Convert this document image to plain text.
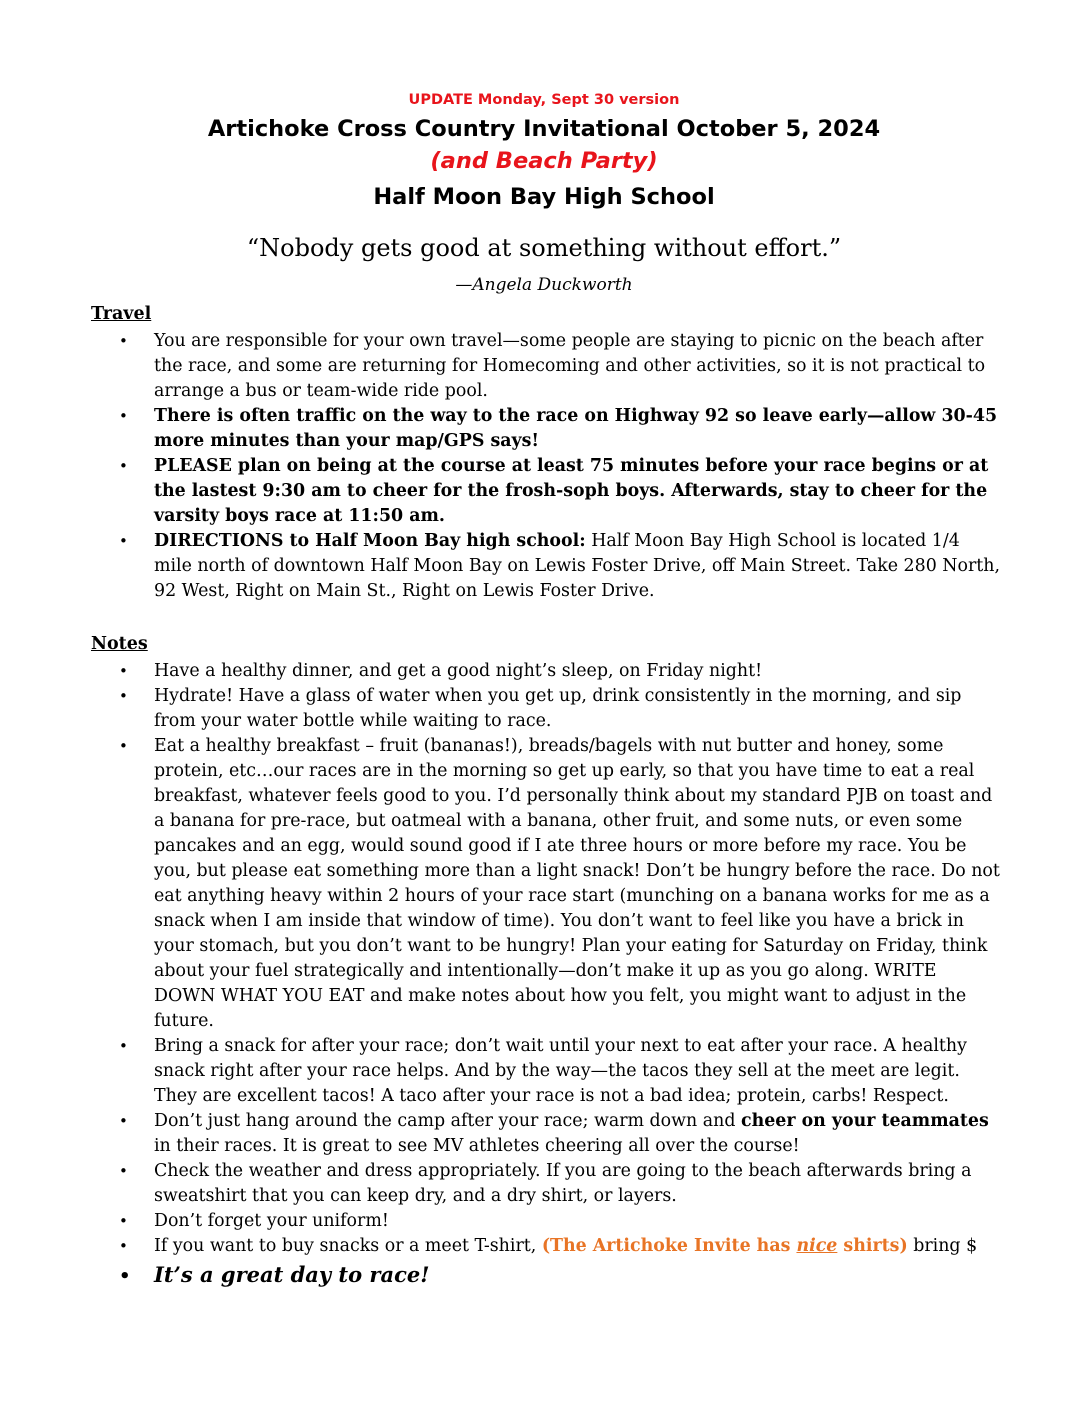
UPDATE Monday, Sept 30 version
Artichoke Cross Country Invitational October 5, 2024
(and Beach Party)
Half Moon Bay High School
“Nobody gets good at something without effort.”
—Angela Duckworth
Travel
• You are responsible for your own travel—some people are staying to picnic on the beach after the race, and some are returning for Homecoming and other activities, so it is not practical to arrange a bus or team-wide ride pool.
• There is often traffic on the way to the race on Highway 92 so leave early—allow 30-45 more minutes than your map/GPS says!
• PLEASE plan on being at the course at least 75 minutes before your race begins or at the lastest 9:30 am to cheer for the frosh-soph boys. Afterwards, stay to cheer for the varsity boys race at 11:50 am.
• DIRECTIONS to Half Moon Bay high school: Half Moon Bay High School is located 1/4 mile north of downtown Half Moon Bay on Lewis Foster Drive, off Main Street. Take 280 North, 92 West, Right on Main St., Right on Lewis Foster Drive.
Notes
• Have a healthy dinner, and get a good night’s sleep, on Friday night!
• Hydrate! Have a glass of water when you get up, drink consistently in the morning, and sip from your water bottle while waiting to race.
• Eat a healthy breakfast – fruit (bananas!), breads/bagels with nut butter and honey, some protein, etc…our races are in the morning so get up early, so that you have time to eat a real breakfast, whatever feels good to you. I’d personally think about my standard PJB on toast and a banana for pre-race, but oatmeal with a banana, other fruit, and some nuts, or even some pancakes and an egg, would sound good if I ate three hours or more before my race. You be you, but please eat something more than a light snack! Don’t be hungry before the race. Do not eat anything heavy within 2 hours of your race start (munching on a banana works for me as a snack when I am inside that window of time). You don’t want to feel like you have a brick in your stomach, but you don’t want to be hungry! Plan your eating for Saturday on Friday, think about your fuel strategically and intentionally—don’t make it up as you go along. WRITE DOWN WHAT YOU EAT and make notes about how you felt, you might want to adjust in the future.
• Bring a snack for after your race; don’t wait until your next to eat after your race. A healthy snack right after your race helps. And by the way—the tacos they sell at the meet are legit. They are excellent tacos! A taco after your race is not a bad idea; protein, carbs! Respect.
• Don’t just hang around the camp after your race; warm down and cheer on your teammates in their races. It is great to see MV athletes cheering all over the course!
• Check the weather and dress appropriately. If you are going to the beach afterwards bring a sweatshirt that you can keep dry, and a dry shirt, or layers.
• Don’t forget your uniform!
• If you want to buy snacks or a meet T-shirt, (The Artichoke Invite has nice shirts) bring $
• It’s a great day to race!
